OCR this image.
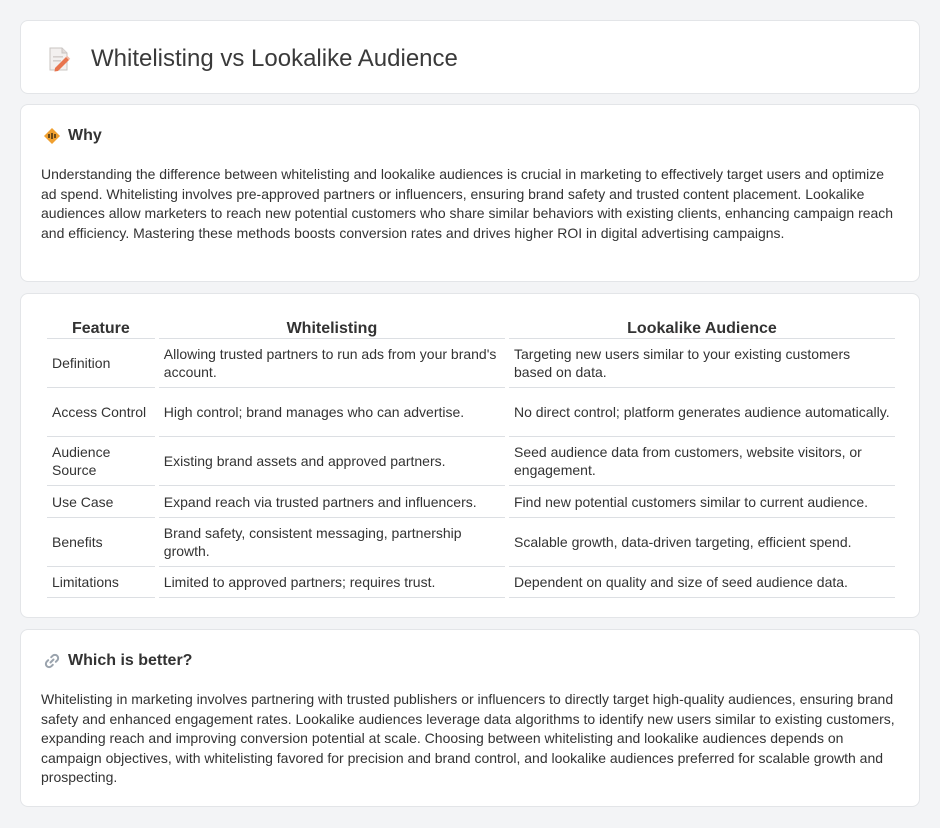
Whitelisting vs Lookalike Audience
Why

Understanding the difference between whitelisting and lookalike audiences is crucial in marketing to effectively target users and optimize ad spend. Whitelisting involves pre-approved partners or influencers, ensuring brand safety and trusted content placement. Lookalike audiences allow marketers to reach new potential customers who share similar behaviors with existing clients, enhancing campaign reach and efficiency. Mastering these methods boosts conversion rates and drives higher ROI in digital advertising campaigns.

Feature	Whitelisting	Lookalike Audience
Definition	Allowing trusted partners to run ads from your brand's account.	Targeting new users similar to your existing customers based on data.
Access Control	High control; brand manages who can advertise.	No direct control; platform generates audience automatically.
Audience Source	Existing brand assets and approved partners.	Seed audience data from customers, website visitors, or engagement.
Use Case	Expand reach via trusted partners and influencers.	Find new potential customers similar to current audience.
Benefits	Brand safety, consistent messaging, partnership growth.	Scalable growth, data-driven targeting, efficient spend.
Limitations	Limited to approved partners; requires trust.	Dependent on quality and size of seed audience data.
Which is better?

Whitelisting in marketing involves partnering with trusted publishers or influencers to directly target high-quality audiences, ensuring brand safety and enhanced engagement rates. Lookalike audiences leverage data algorithms to identify new users similar to existing customers, expanding reach and improving conversion potential at scale. Choosing between whitelisting and lookalike audiences depends on campaign objectives, with whitelisting favored for precision and brand control, and lookalike audiences preferred for scalable growth and prospecting.
